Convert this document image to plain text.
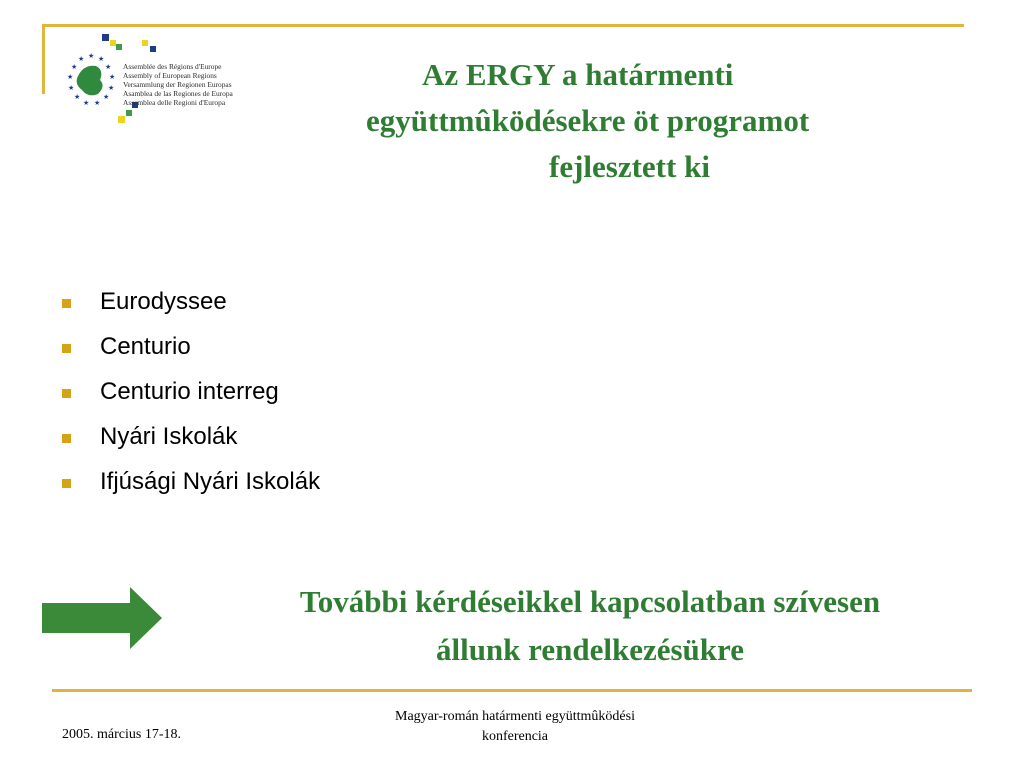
★ ★
★
★
★
★
★
★
★
★
★
★
★
Assemblée des Régions d'Europe
Assembly of European Regions
Versammlung der Regionen Europas
Asamblea de las Regiones de Europa
Assemblea delle Regioni d'Europa
Az ERGY a határmenti
együttmûködésekre öt programot
fejlesztett ki
Eurodyssee
Centurio
Centurio interreg
Nyári Iskolák
Ifjúsági Nyári Iskolák
További kérdéseikkel kapcsolatban szívesen
állunk rendelkezésükre
2005. március 17-18.
Magyar-román határmenti együttmûködési
konferencia
